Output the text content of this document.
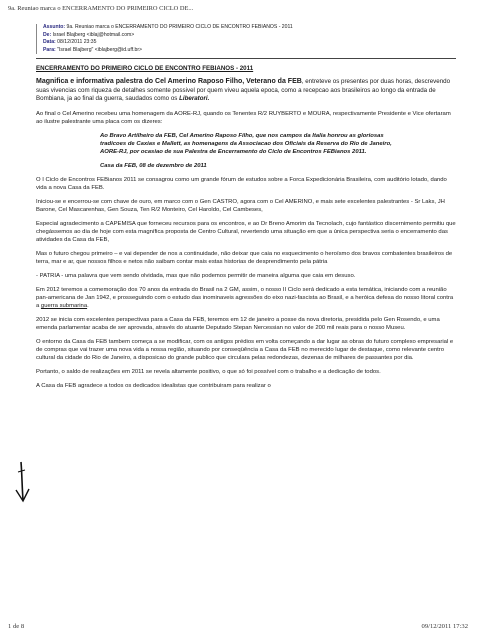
9a. Reuniao marca o ENCERRAMENTO DO PRIMEIRO CICLO DE...
Assunto: 9a. Reuniao marca o ENCERRAMENTO DO PRIMEIRO CICLO DE ENCONTRO FEBIANOS - 2011
De: Israel Blajberg <iblaj@hotmail.com>
Data: 08/12/2011 23:35
Para: "Israel Blajberg" <iblajberg@id.uff.br>
ENCERRAMENTO DO PRIMEIRO CICLO DE ENCONTRO FEBIANOS - 2011
Magnifica e informativa palestra do Cel Amerino Raposo Filho, Veterano da FEB, entreteve os presentes por duas horas, descrevendo suas vivencias com riqueza de detalhes somente possivel por quem viveu aquela epoca, como a recepcao aos brasileiros ao longo da entrada de Bombiana, ja ao final da guerra, saudados como os Liberatori.

Ao final o Cel Amerino recebeu uma homenagem da AORE-RJ, quando os Tenentes R/2 RUYBERTO e MOURA, respectivamente Presidente e Vice ofertaram ao ilustre palestrante uma placa com os dizeres:

Ao Bravo Artilheiro da FEB, Cel Amerino Raposo Filho, que nos campos da Italia honrou as gloriosas tradicoes de Caxias e Mallett, as homenagens da Associacao dos Oficiais da Reserva do Rio de Janeiro, AORE-RJ, por ocasiao de sua Palestra de Encerramento do Ciclo de Encontros FEBianos 2011.

Casa da FEB, 08 de dezembro de 2011

O I Ciclo de Encontros FEBianos 2011 se consagrou como um grande fórum de estudos sobre a Forca Expedicionária Brasileira, com auditório lotado, dando vida a nova Casa da FEB.

Iniciou-se e encerrou-se com chave de ouro, em marco com o Gen CASTRO, agora com o Cel AMERINO, e mais sete excelentes palestrantes - Sr Laks, JH Barone, Cel Mascarenhas, Gen Souza, Ten R/2 Monteiro, Cel Haroldo, Cel Cambeses,

Especial agradecimento a CAPEMISA que forneceu recursos para os encontros, e ao Dr Breno Amorim da Tecnolach, cujo fantástico discernimento permitiu que chegássemos ao dia de hoje com esta magnífica proposta de Centro Cultural, revertendo uma situação em que a única perspectiva seria o encerramento das atividades da Casa da FEB,

Mas o futuro chegou primeiro – e vai depender de nos a continuidade, não deixar que caia no esquecimento o heroísmo dos bravos combatentes brasileiros de terra, mar e ar, que nossos filhos e netos não saibam contar mais estas historias de desprendimento pela pátria

- PATRIA - uma palavra que vem sendo olvidada, mas que não podemos permitir de maneira alguma que caia em desuso.

Em 2012 teremos a comemoração dos 70 anos da entrada do Brasil na 2 GM, assim, o nosso II Ciclo será dedicado a esta temática, iniciando com a reunião pan-americana de Jan 1942, e prosseguindo com o estudo das inominaveis agressões do eixo nazi-fascista ao Brasil, e a heróica defesa do nosso litoral contra a guerra submarina.

2012 se inicia com excelentes perspectivas para a Casa da FEB, teremos em 12 de janeiro a posse da nova diretoria, presidida pelo Gen Rosendo, e uma emenda parlamentar acaba de ser aprovada, através do atuante Deputado Stepan Nercessian no valor de 200 mil reais para o nosso Museu.

O entorno da Casa da FEB tambem começa a se modificar, com os antigos prédios em volta começando a dar lugar as obras do futuro complexo empresarial e de compras que vai trazer uma nova vida a nossa região, situando por conseqüência a Casa da FEB no merecido lugar de destaque, como relevante centro cultural da cidade do Rio de Janeiro, a disposicao do grande publico que circulara pelas redondezas, dezenas de milhares de passantes por dia.

Portanto, o saldo de realizações em 2011 se revela altamente positivo, o que só foi possível com o trabalho e a dedicação de todos.

A Casa da FEB agradece a todos os dedicados idealistas que contribuiram para realizar o

1 de 8	09/12/2011 17:32
